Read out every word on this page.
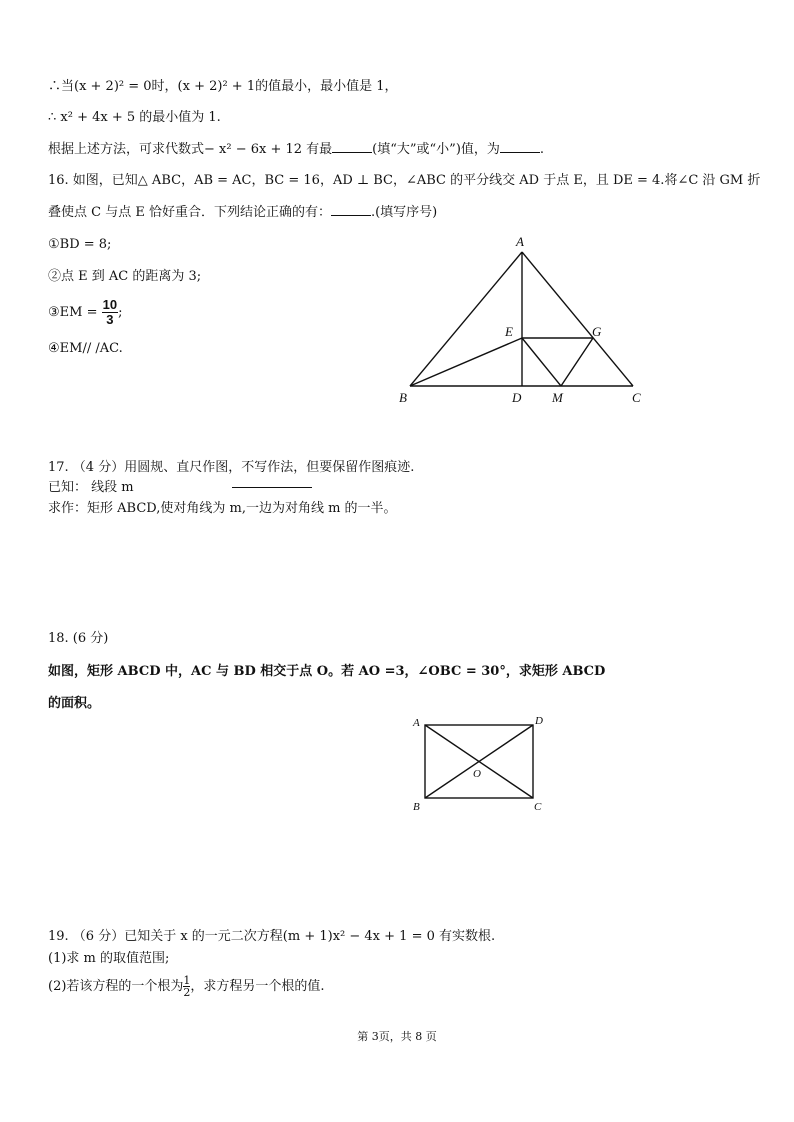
∴当(x + 2)² = 0时，(x + 2)² + 1的值最小，最小值是 1，
∴ x² + 4x + 5 的最小值为 1.
根据上述方法，可求代数式− x² − 6x + 12 有最	(填“大”或“小”)值，为	.
16. 如图，已知△ ABC，AB = AC，BC = 16，AD ⊥ BC，∠ABC 的平分线交 AD 于点 E，且 DE = 4.将∠C 沿 GM 折
叠使点 C 与点 E 恰好重合．下列结论正确的有：	.(填写序号)
①BD = 8;
②点 E 到 AC 的距离为 3;
③EM = $\frac{10}{3}$ ;
④EM// /AC.
A
B	C
D
E	G
M
17. （4 分）用圆规、直尺作图，不写作法，但要保留作图痕迹.
已知： 线段 m
求作：矩形 ABCD,使对角线为 m,一边为对角线 m 的一半。
18. (6 分)
如图，矩形 ABCD 中，AC 与 BD 相交于点 O。若 AO =3，∠OBC = 30°，求矩形 ABCD
的面积。
A	D
B	C
O
19. （6 分）已知关于 x 的一元二次方程(m + 1)x² − 4x + 1 = 0 有实数根.
(1)求 m 的取值范围;
(2)若该方程的一个根为 $\frac{1}{2}$，求方程另一个根的值.
第 3页，共 8 页
